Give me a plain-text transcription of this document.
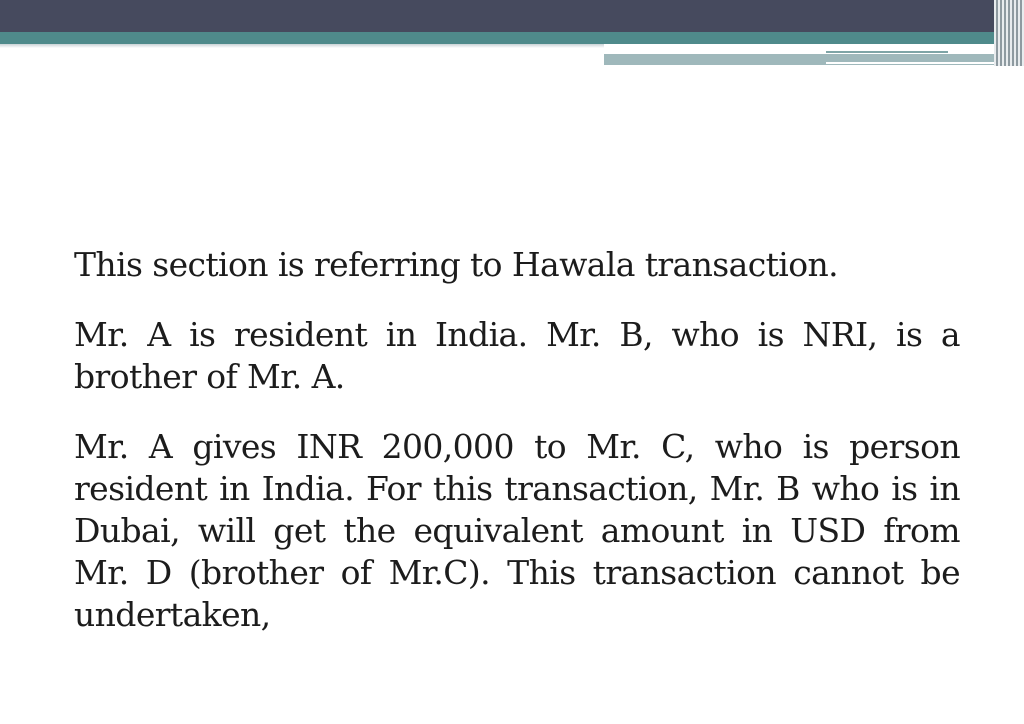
This section is referring to Hawala transaction.

Mr. A is resident in India. Mr. B, who is NRI, is a brother of Mr. A.

Mr. A gives INR 200,000 to Mr. C, who is person resident in India. For this transaction, Mr. B who is in Dubai, will get the equivalent amount in USD from Mr. D (brother of Mr.C). This transaction cannot be undertaken,
